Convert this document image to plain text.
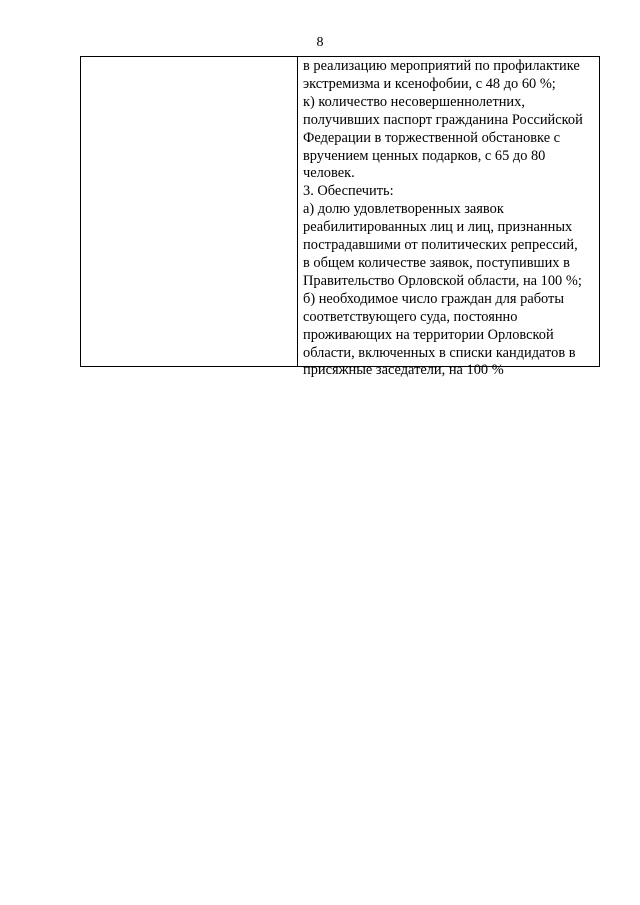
8
в реализацию мероприятий по профилактике
экстремизма и ксенофобии, с 48 до 60 %;
к) количество несовершеннолетних,
получивших паспорт гражданина Российской
Федерации в торжественной обстановке с
вручением ценных подарков, с 65 до 80
человек.
3. Обеспечить:
а) долю удовлетворенных заявок
реабилитированных лиц и лиц, признанных
пострадавшими от политических репрессий,
в общем количестве заявок, поступивших в
Правительство Орловской области, на 100 %;
б) необходимое число граждан для работы
соответствующего суда, постоянно
проживающих на территории Орловской
области, включенных в списки кандидатов в
присяжные заседатели, на 100 %
